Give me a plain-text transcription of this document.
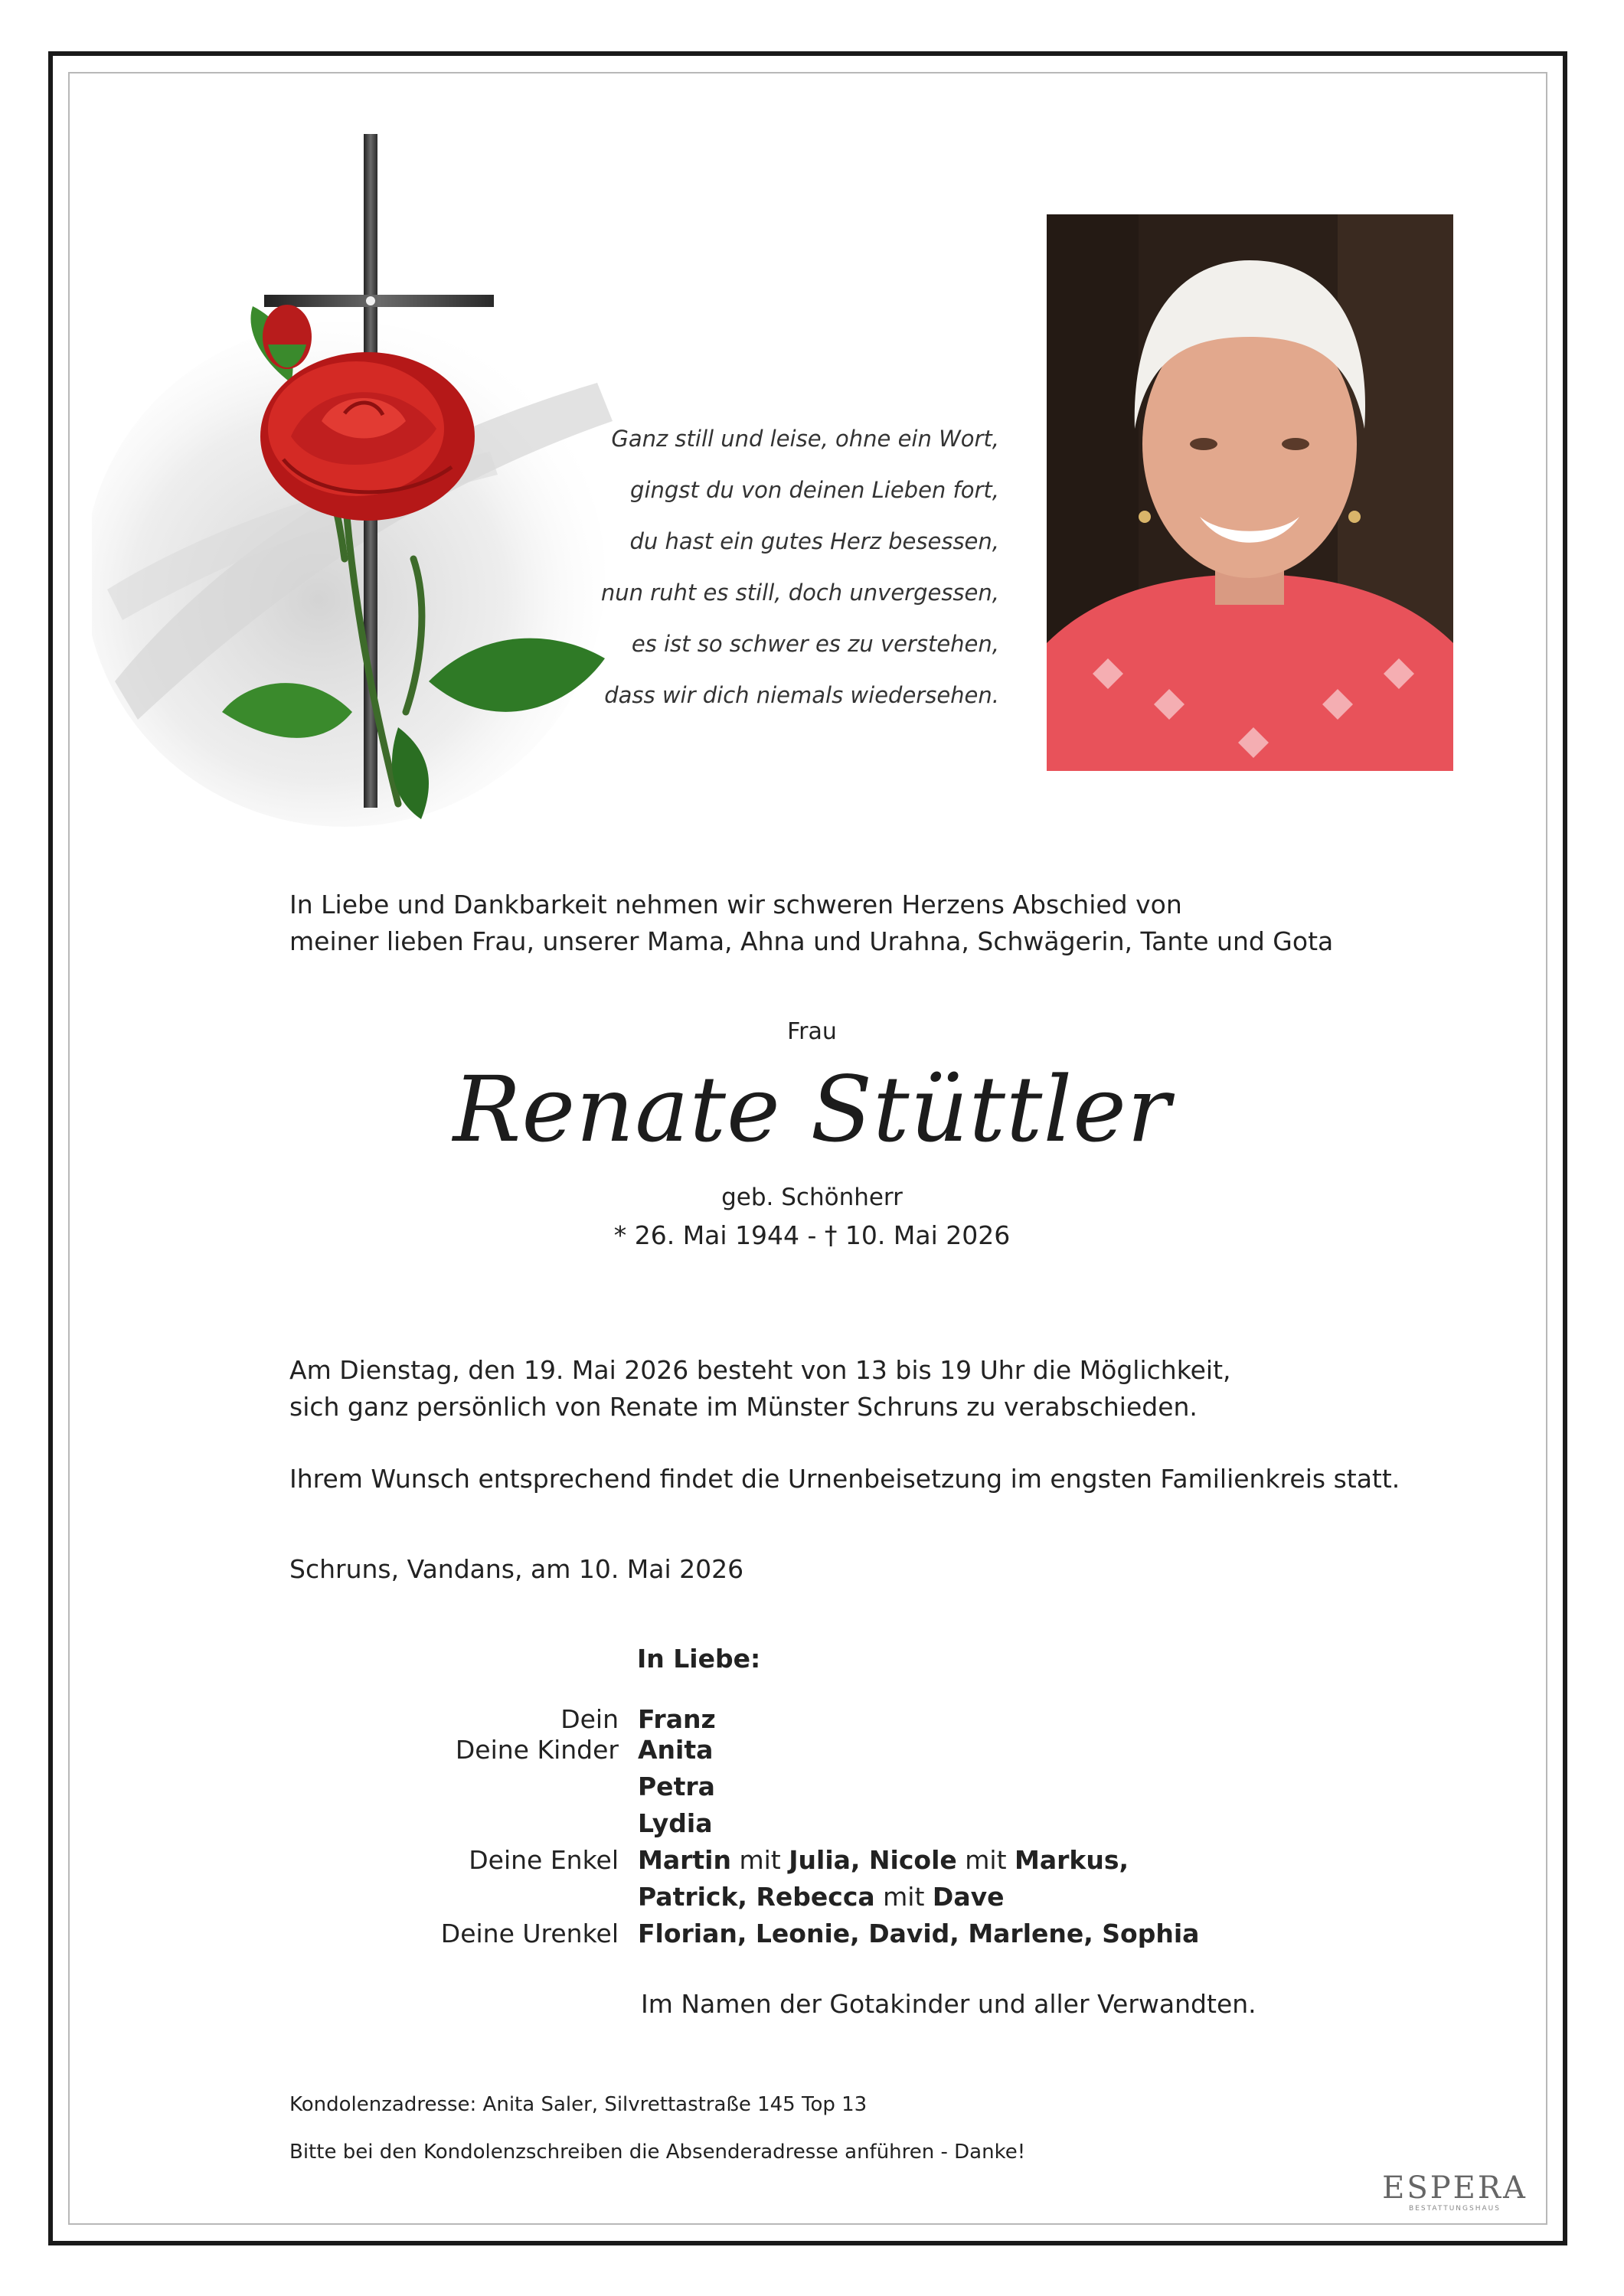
Ganz still und leise, ohne ein Wort,
gingst du von deinen Lieben fort,
du hast ein gutes Herz besessen,
nun ruht es still, doch unvergessen,
es ist so schwer es zu verstehen,
dass wir dich niemals wiedersehen.
In Liebe und Dankbarkeit nehmen wir schweren Herzens Abschied von
meiner lieben Frau, unserer Mama, Ahna und Urahna, Schwägerin, Tante und Gota
Frau
Renate Stüttler
geb. Schönherr
* 26. Mai 1944 - † 10. Mai 2026
Am Dienstag, den 19. Mai 2026 besteht von 13 bis 19 Uhr die Möglichkeit,
sich ganz persönlich von Renate im Münster Schruns zu verabschieden.
Ihrem Wunsch entsprechend findet die Urnenbeisetzung im engsten Familienkreis statt.
Schruns, Vandans, am 10. Mai 2026
In Liebe:
Dein Franz
Deine Kinder Anita
Petra
Lydia
Deine Enkel Martin mit Julia, Nicole mit Markus,
Patrick, Rebecca mit Dave
Deine Urenkel Florian, Leonie, David, Marlene, Sophia
Im Namen der Gotakinder und aller Verwandten.
Kondolenzadresse: Anita Saler, Silvrettastraße 145 Top 13
Bitte bei den Kondolenzschreiben die Absenderadresse anführen - Danke!
ESPERA
BESTATTUNGSHAUS
